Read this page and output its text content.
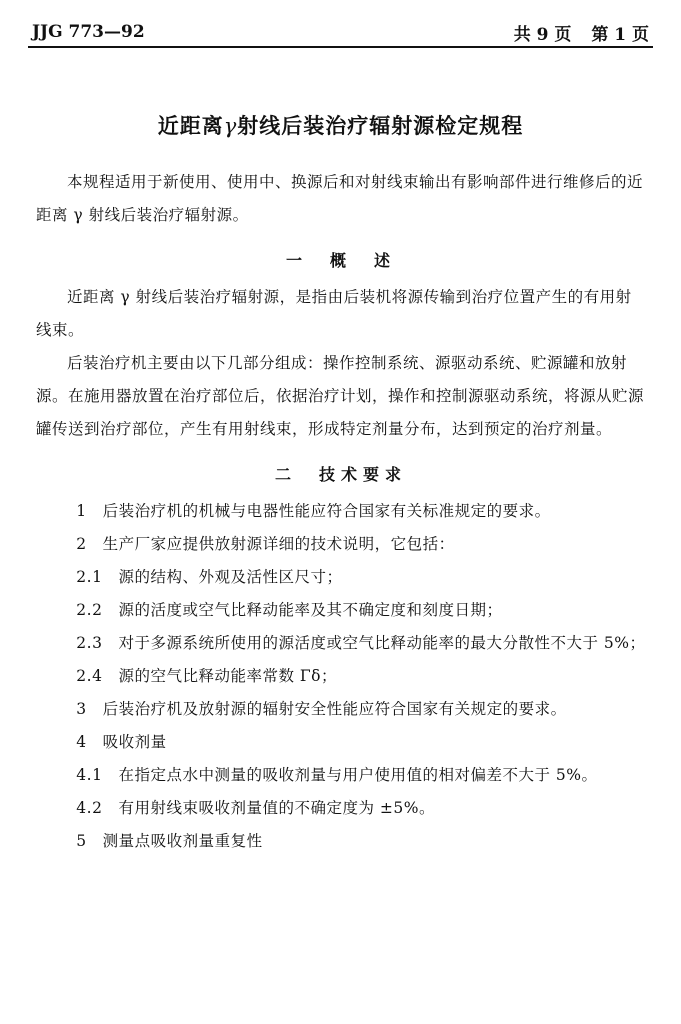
JJG 773—92	共 9 页 第 1 页
近距离γ射线后装治疗辐射源检定规程

本规程适用于新使用、使用中、换源后和对射线束输出有影响部件进行维修后的近距离 γ 射线后装治疗辐射源。

一　概　述

近距离 γ 射线后装治疗辐射源，是指由后装机将源传输到治疗位置产生的有用射线束。

后装治疗机主要由以下几部分组成：操作控制系统、源驱动系统、贮源罐和放射源。在施用器放置在治疗部位后，依据治疗计划，操作和控制源驱动系统，将源从贮源罐传送到治疗部位，产生有用射线束，形成特定剂量分布，达到预定的治疗剂量。

二　技术要求

1　后装治疗机的机械与电器性能应符合国家有关标准规定的要求。

2　生产厂家应提供放射源详细的技术说明，它包括：

2.1　源的结构、外观及活性区尺寸；

2.2　源的活度或空气比释动能率及其不确定度和刻度日期；

2.3　对于多源系统所使用的源活度或空气比释动能率的最大分散性不大于 5%；

2.4　源的空气比释动能率常数 Γδ；

3　后装治疗机及放射源的辐射安全性能应符合国家有关规定的要求。

4　吸收剂量

4.1　在指定点水中测量的吸收剂量与用户使用值的相对偏差不大于 5%。

4.2　有用射线束吸收剂量值的不确定度为 ±5%。

5　测量点吸收剂量重复性
